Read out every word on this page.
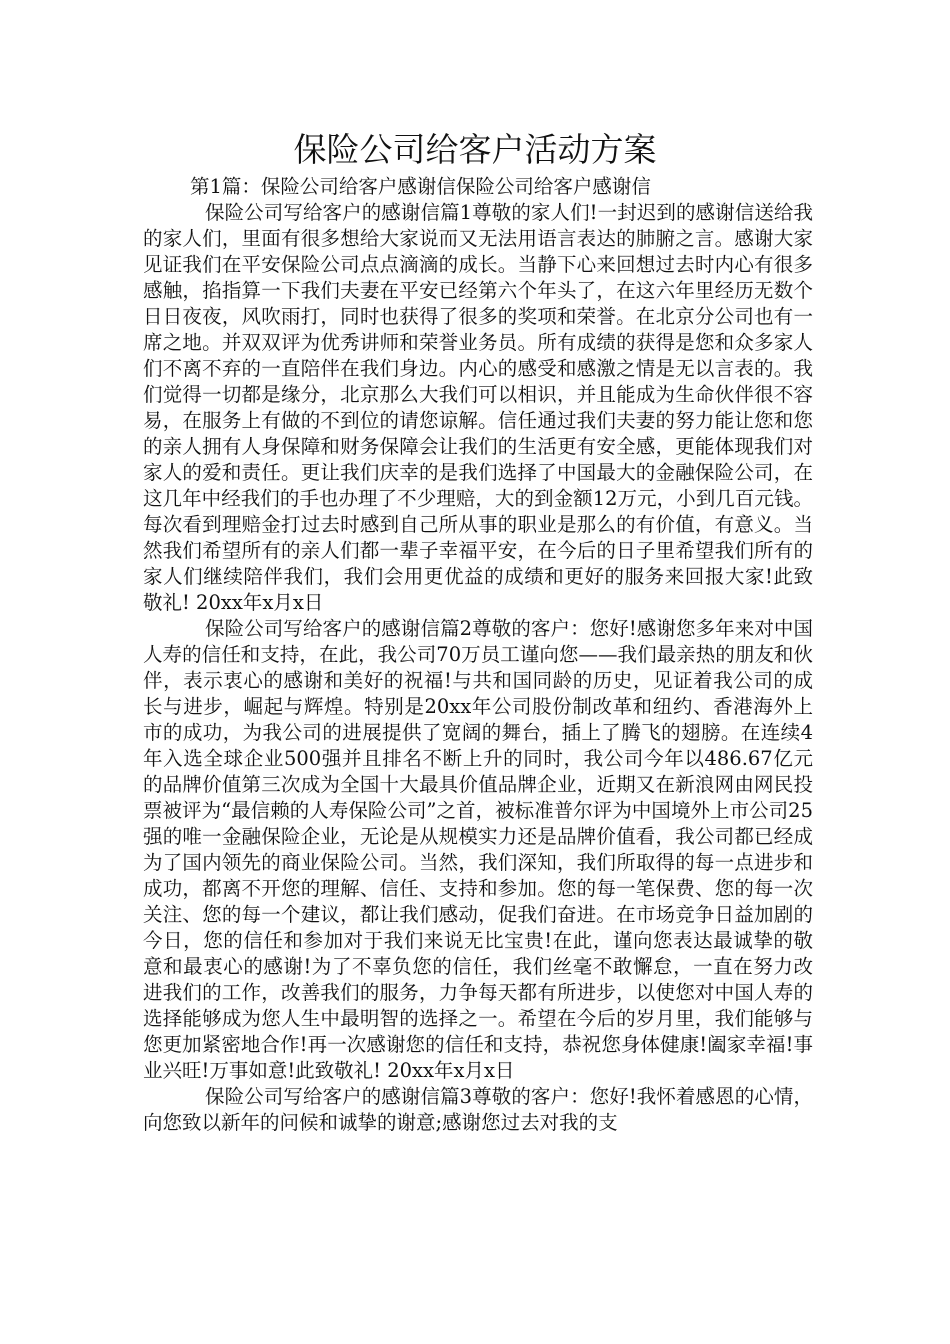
保险公司给客户活动方案
第1篇：保险公司给客户感谢信保险公司给客户感谢信

保险公司写给客户的感谢信篇1尊敬的家人们!一封迟到的感谢信送给我的家人们，里面有很多想给大家说而又无法用语言表达的肺腑之言。感谢大家见证我们在平安保险公司点点滴滴的成长。当静下心来回想过去时内心有很多感触，掐指算一下我们夫妻在平安已经第六个年头了，在这六年里经历无数个日日夜夜，风吹雨打，同时也获得了很多的奖项和荣誉。在北京分公司也有一席之地。并双双评为优秀讲师和荣誉业务员。所有成绩的获得是您和众多家人们不离不弃的一直陪伴在我们身边。内心的感受和感激之情是无以言表的。我们觉得一切都是缘分，北京那么大我们可以相识，并且能成为生命伙伴很不容易，在服务上有做的不到位的请您谅解。信任通过我们夫妻的努力能让您和您的亲人拥有人身保障和财务保障会让我们的生活更有安全感，更能体现我们对家人的爱和责任。更让我们庆幸的是我们选择了中国最大的金融保险公司，在这几年中经我们的手也办理了不少理赔，大的到金额12万元，小到几百元钱。每次看到理赔金打过去时感到自己所从事的职业是那么的有价值，有意义。当然我们希望所有的亲人们都一辈子幸福平安，在今后的日子里希望我们所有的家人们继续陪伴我们，我们会用更优益的成绩和更好的服务来回报大家!此致敬礼! 20xx年x月x日

保险公司写给客户的感谢信篇2尊敬的客户：您好!感谢您多年来对中国人寿的信任和支持，在此，我公司70万员工谨向您——我们最亲热的朋友和伙伴，表示衷心的感谢和美好的祝福!与共和国同龄的历史，见证着我公司的成长与进步，崛起与辉煌。特别是20xx年公司股份制改革和纽约、香港海外上市的成功，为我公司的进展提供了宽阔的舞台，插上了腾飞的翅膀。在连续4年入选全球企业500强并且排名不断上升的同时，我公司今年以486.67亿元的品牌价值第三次成为全国十大最具价值品牌企业，近期又在新浪网由网民投票被评为“最信赖的人寿保险公司”之首，被标准普尔评为中国境外上市公司25强的唯一金融保险企业，无论是从规模实力还是品牌价值看，我公司都已经成为了国内领先的商业保险公司。当然，我们深知，我们所取得的每一点进步和成功，都离不开您的理解、信任、支持和参加。您的每一笔保费、您的每一次关注、您的每一个建议，都让我们感动，促我们奋进。在市场竞争日益加剧的今日，您的信任和参加对于我们来说无比宝贵!在此，谨向您表达最诚挚的敬意和最衷心的感谢!为了不辜负您的信任，我们丝毫不敢懈怠，一直在努力改进我们的工作，改善我们的服务，力争每天都有所进步，以使您对中国人寿的选择能够成为您人生中最明智的选择之一。希望在今后的岁月里，我们能够与您更加紧密地合作!再一次感谢您的信任和支持，恭祝您身体健康!阖家幸福!事业兴旺!万事如意!此致敬礼! 20xx年x月x日

保险公司写给客户的感谢信篇3尊敬的客户：您好!我怀着感恩的心情，向您致以新年的问候和诚挚的谢意;感谢您过去对我的支
